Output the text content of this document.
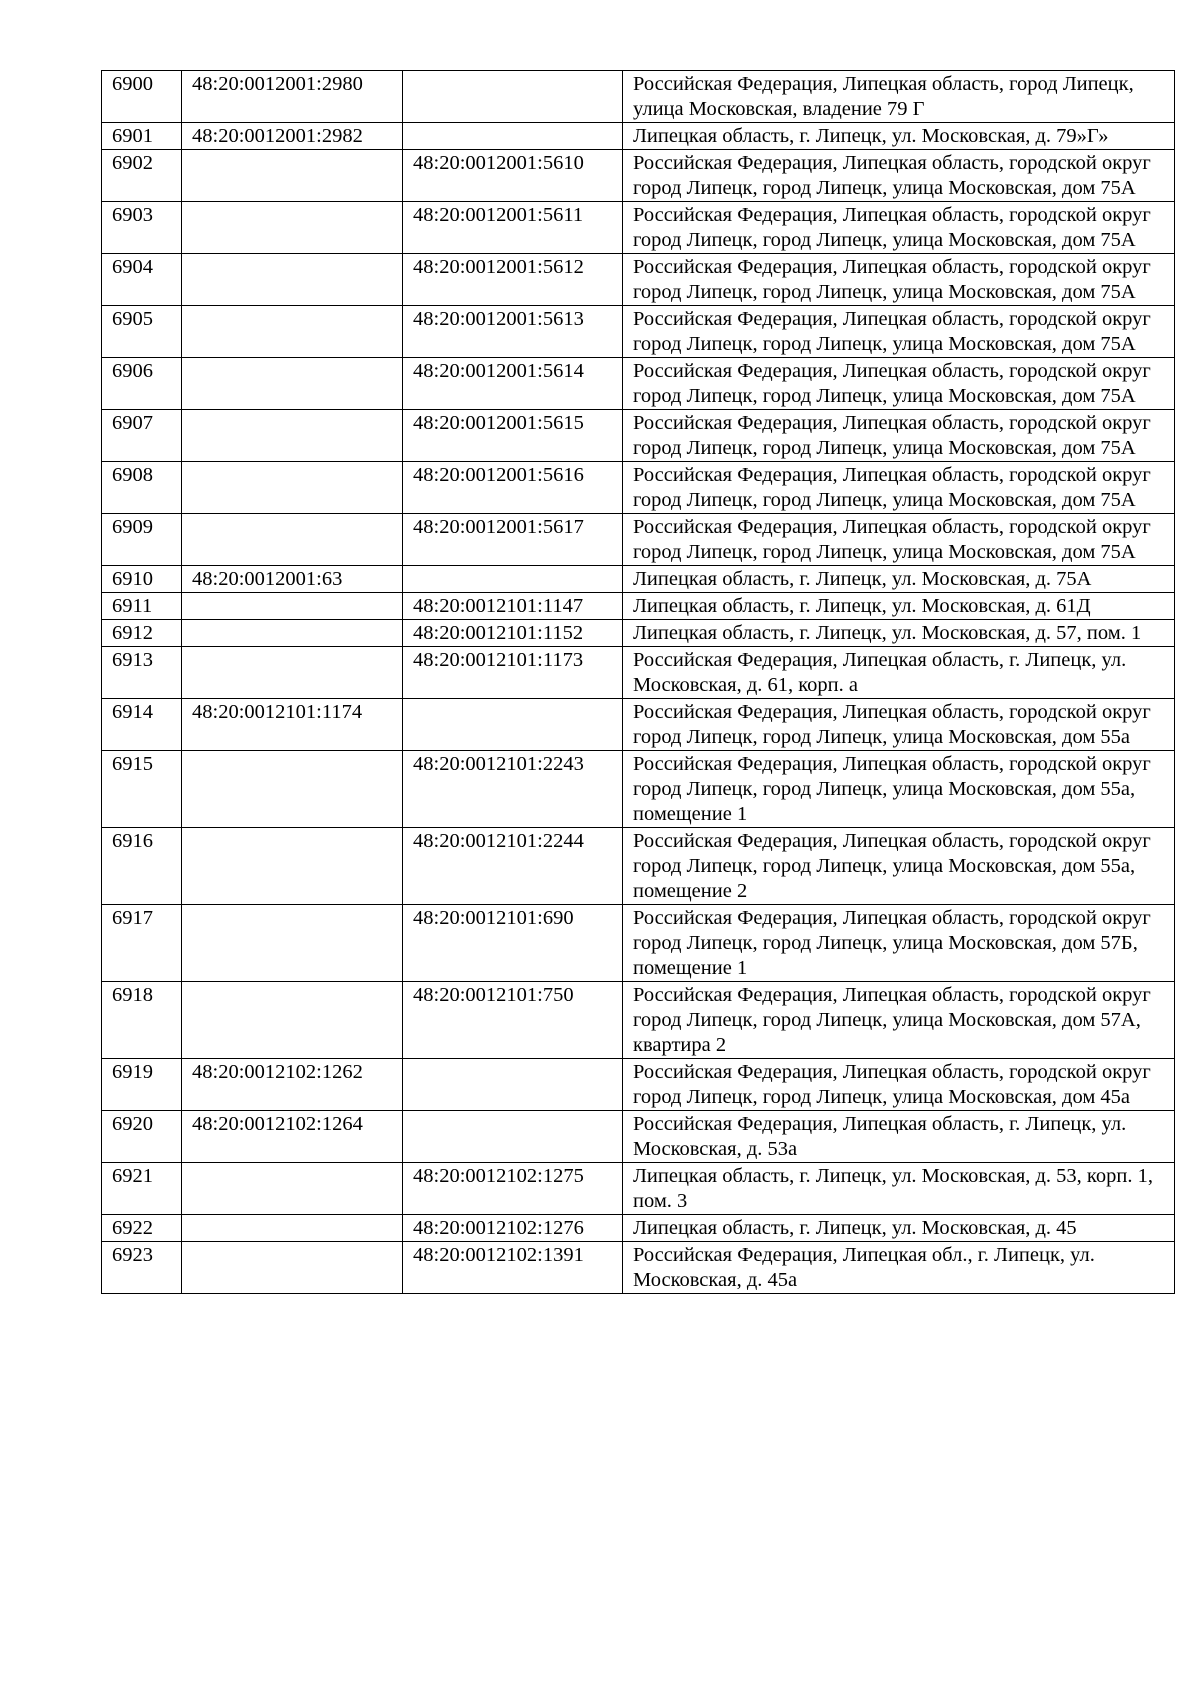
6900	48:20:0012001:2980		Российская Федерация, Липецкая область, город Липецк, улица Московская, владение 79 Г
6901	48:20:0012001:2982		Липецкая область, г. Липецк, ул. Московская, д. 79»Г»
6902		48:20:0012001:5610	Российская Федерация, Липецкая область, городской округ город Липецк, город Липецк, улица Московская, дом 75А
6903		48:20:0012001:5611	Российская Федерация, Липецкая область, городской округ город Липецк, город Липецк, улица Московская, дом 75А
6904		48:20:0012001:5612	Российская Федерация, Липецкая область, городской округ город Липецк, город Липецк, улица Московская, дом 75А
6905		48:20:0012001:5613	Российская Федерация, Липецкая область, городской округ город Липецк, город Липецк, улица Московская, дом 75А
6906		48:20:0012001:5614	Российская Федерация, Липецкая область, городской округ город Липецк, город Липецк, улица Московская, дом 75А
6907		48:20:0012001:5615	Российская Федерация, Липецкая область, городской округ город Липецк, город Липецк, улица Московская, дом 75А
6908		48:20:0012001:5616	Российская Федерация, Липецкая область, городской округ город Липецк, город Липецк, улица Московская, дом 75А
6909		48:20:0012001:5617	Российская Федерация, Липецкая область, городской округ город Липецк, город Липецк, улица Московская, дом 75А
6910	48:20:0012001:63		Липецкая область, г. Липецк, ул. Московская, д. 75А
6911		48:20:0012101:1147	Липецкая область, г. Липецк, ул. Московская, д. 61Д
6912		48:20:0012101:1152	Липецкая область, г. Липецк, ул. Московская, д. 57, пом. 1
6913		48:20:0012101:1173	Российская Федерация, Липецкая область, г. Липецк, ул. Московская, д. 61, корп. а
6914	48:20:0012101:1174		Российская Федерация, Липецкая область, городской округ город Липецк, город Липецк, улица Московская, дом 55а
6915		48:20:0012101:2243	Российская Федерация, Липецкая область, городской округ город Липецк, город Липецк, улица Московская, дом 55а, помещение 1
6916		48:20:0012101:2244	Российская Федерация, Липецкая область, городской округ город Липецк, город Липецк, улица Московская, дом 55а, помещение 2
6917		48:20:0012101:690	Российская Федерация, Липецкая область, городской округ город Липецк, город Липецк, улица Московская, дом 57Б, помещение 1
6918		48:20:0012101:750	Российская Федерация, Липецкая область, городской округ город Липецк, город Липецк, улица Московская, дом 57А, квартира 2
6919	48:20:0012102:1262		Российская Федерация, Липецкая область, городской округ город Липецк, город Липецк, улица Московская, дом 45а
6920	48:20:0012102:1264		Российская Федерация, Липецкая область, г. Липецк, ул. Московская, д. 53а
6921		48:20:0012102:1275	Липецкая область, г. Липецк, ул. Московская, д. 53, корп. 1, пом. 3
6922		48:20:0012102:1276	Липецкая область, г. Липецк, ул. Московская, д. 45
6923		48:20:0012102:1391	Российская Федерация, Липецкая обл., г. Липецк, ул. Московская, д. 45а
